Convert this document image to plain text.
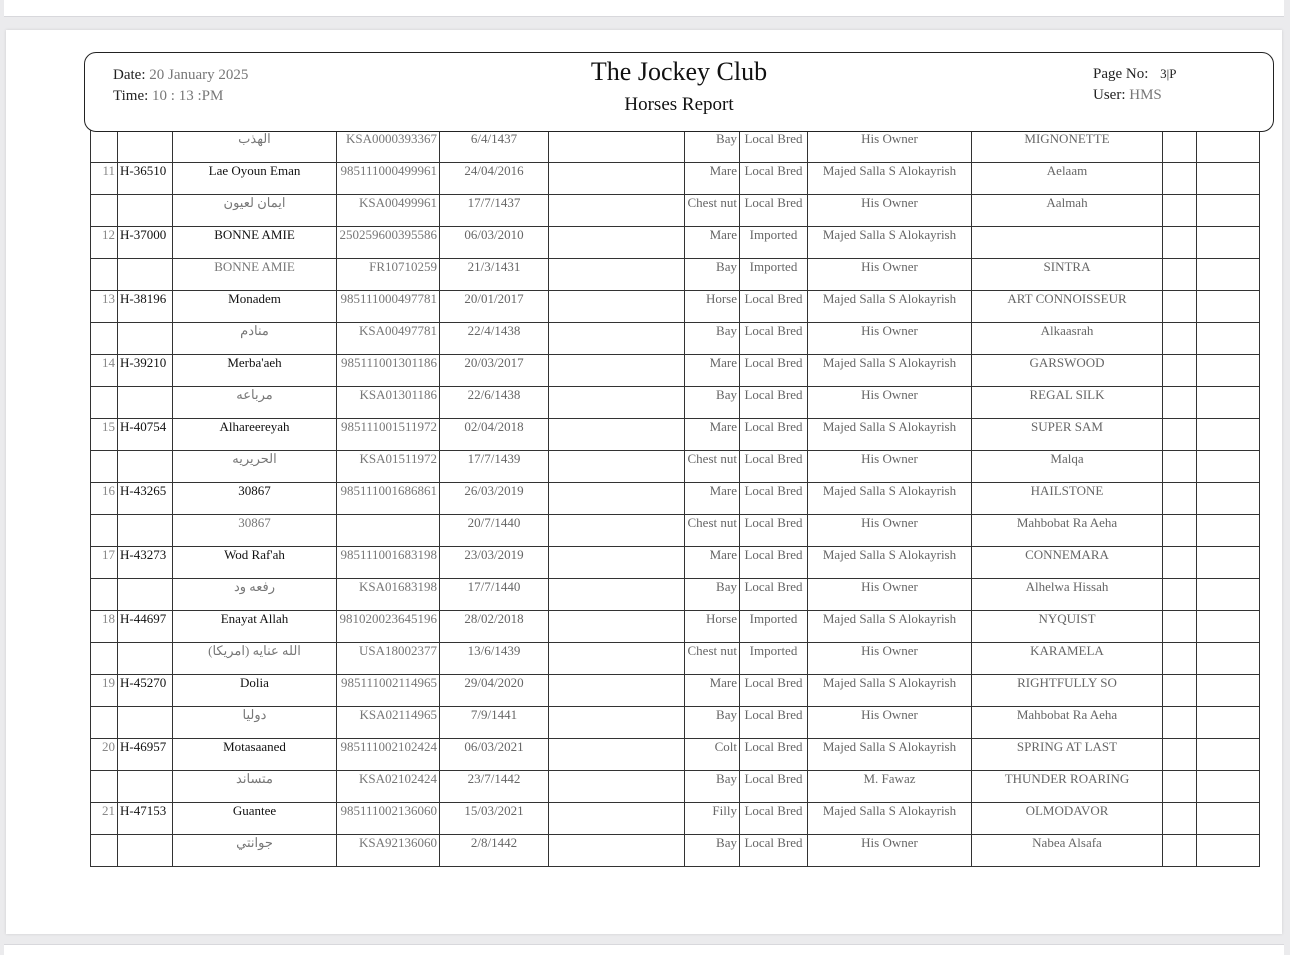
Date: 20 January 2025
Time: 10 : 13 :PM
The Jockey Club
Horses Report
Page No: 3|P
User: HMS
		الهذب	KSA0000393367	6/4/1437		Bay	Local Bred	His Owner	MIGNONETTE		
11	H-36510	Lae Oyoun Eman	985111000499961	24/04/2016		Mare	Local Bred	Majed Salla S Alokayrish	Aelaam		
		ايمان لعيون	KSA00499961	17/7/1437		Chest nut	Local Bred	His Owner	Aalmah		
12	H-37000	BONNE AMIE	250259600395586	06/03/2010		Mare	Imported	Majed Salla S Alokayrish			
		BONNE AMIE	FR10710259	21/3/1431		Bay	Imported	His Owner	SINTRA		
13	H-38196	Monadem	985111000497781	20/01/2017		Horse	Local Bred	Majed Salla S Alokayrish	ART CONNOISSEUR		
		منادم	KSA00497781	22/4/1438		Bay	Local Bred	His Owner	Alkaasrah		
14	H-39210	Merba'aeh	985111001301186	20/03/2017		Mare	Local Bred	Majed Salla S Alokayrish	GARSWOOD		
		مرباعه	KSA01301186	22/6/1438		Bay	Local Bred	His Owner	REGAL SILK		
15	H-40754	Alhareereyah	985111001511972	02/04/2018		Mare	Local Bred	Majed Salla S Alokayrish	SUPER SAM		
		الحريريه	KSA01511972	17/7/1439		Chest nut	Local Bred	His Owner	Malqa		
16	H-43265	30867	985111001686861	26/03/2019		Mare	Local Bred	Majed Salla S Alokayrish	HAILSTONE		
		30867		20/7/1440		Chest nut	Local Bred	His Owner	Mahbobat Ra Aeha		
17	H-43273	Wod Raf'ah	985111001683198	23/03/2019		Mare	Local Bred	Majed Salla S Alokayrish	CONNEMARA		
		رفعه ود	KSA01683198	17/7/1440		Bay	Local Bred	His Owner	Alhelwa Hissah		
18	H-44697	Enayat Allah	981020023645196	28/02/2018		Horse	Imported	Majed Salla S Alokayrish	NYQUIST		
		(امريكا) الله عنايه	USA18002377	13/6/1439		Chest nut	Imported	His Owner	KARAMELA		
19	H-45270	Dolia	985111002114965	29/04/2020		Mare	Local Bred	Majed Salla S Alokayrish	RIGHTFULLY SO		
		دوليا	KSA02114965	7/9/1441		Bay	Local Bred	His Owner	Mahbobat Ra Aeha		
20	H-46957	Motasaaned	985111002102424	06/03/2021		Colt	Local Bred	Majed Salla S Alokayrish	SPRING AT LAST		
		متساند	KSA02102424	23/7/1442		Bay	Local Bred	M. Fawaz	THUNDER ROARING		
21	H-47153	Guantee	985111002136060	15/03/2021		Filly	Local Bred	Majed Salla S Alokayrish	OLMODAVOR		
		جوانتي	KSA92136060	2/8/1442		Bay	Local Bred	His Owner	Nabea Alsafa		
